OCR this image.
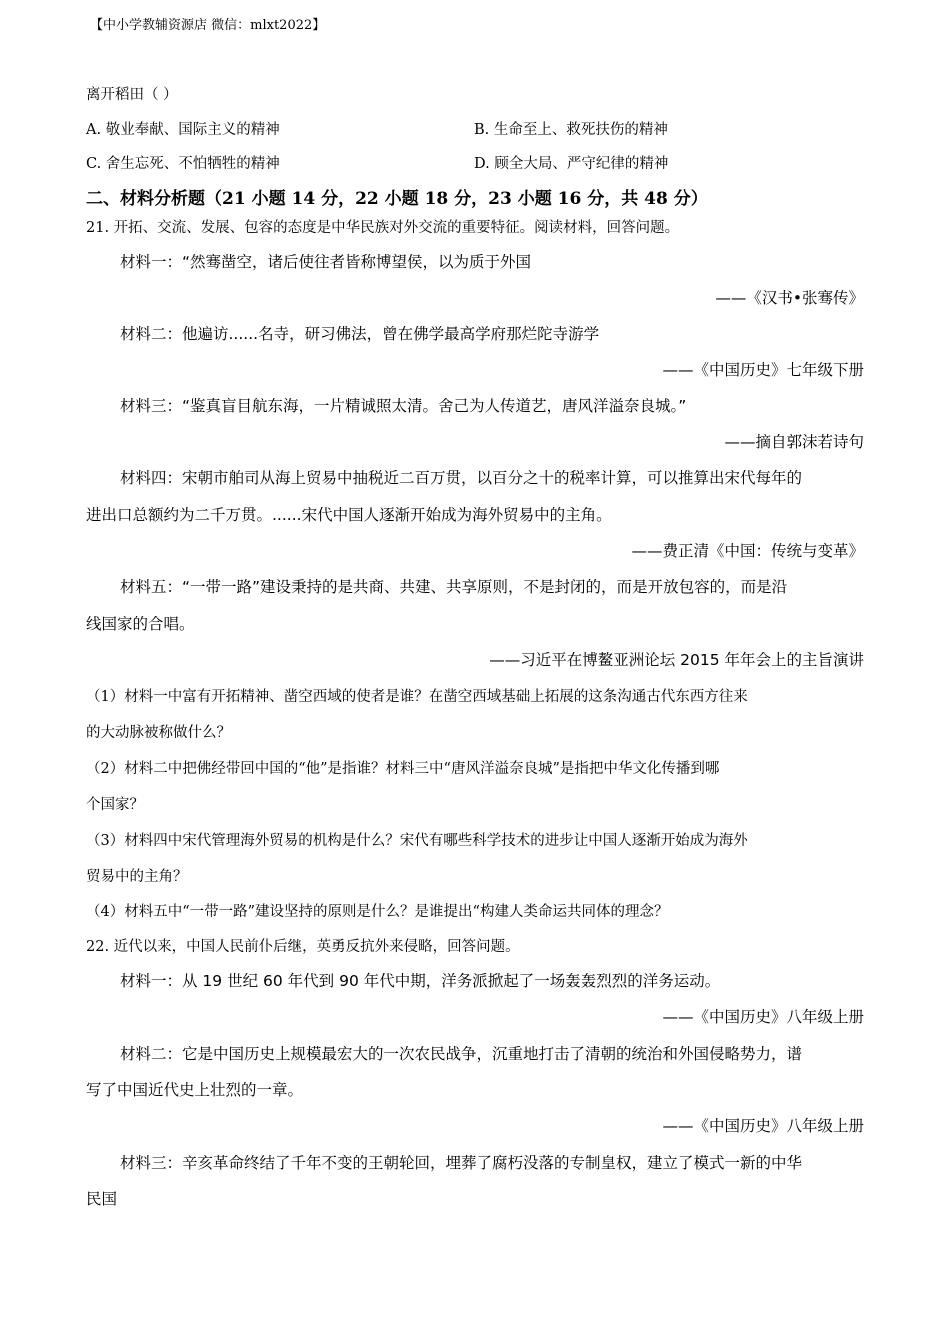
【中小学教辅资源店 微信：mlxt2022】
离开稻田（ ）
A. 敬业奉献、国际主义的精神	B. 生命至上、救死扶伤的精神
C. 舍生忘死、不怕牺牲的精神	D. 顾全大局、严守纪律的精神
二、材料分析题（21 小题 14 分，22 小题 18 分，23 小题 16 分，共 48 分）
21. 开拓、交流、发展、包容的态度是中华民族对外交流的重要特征。阅读材料，回答问题。
材料一：“然骞凿空，诸后使往者皆称博望侯，以为质于外国
——《汉书•张骞传》
材料二：他遍访......名寺，研习佛法，曾在佛学最高学府那烂陀寺游学
——《中国历史》七年级下册
材料三：“鉴真盲目航东海，一片精诚照太清。舍己为人传道艺，唐风洋溢奈良城。”
——摘自郭沫若诗句
材料四：宋朝市舶司从海上贸易中抽税近二百万贯，以百分之十的税率计算，可以推算出宋代每年的
进出口总额约为二千万贯。......宋代中国人逐渐开始成为海外贸易中的主角。
——费正清《中国：传统与变革》
材料五：“一带一路”建设秉持的是共商、共建、共享原则，不是封闭的，而是开放包容的，而是沿
线国家的合唱。
——习近平在博鳌亚洲论坛 2015 年年会上的主旨演讲
（1）材料一中富有开拓精神、凿空西域的使者是谁？在凿空西域基础上拓展的这条沟通古代东西方往来
的大动脉被称做什么？
（2）材料二中把佛经带回中国的“他”是指谁？材料三中“唐风洋溢奈良城”是指把中华文化传播到哪
个国家？
（3）材料四中宋代管理海外贸易的机构是什么？宋代有哪些科学技术的进步让中国人逐渐开始成为海外
贸易中的主角？
（4）材料五中“一带一路”建设坚持的原则是什么？是谁提出“构建人类命运共同体的理念？
22. 近代以来，中国人民前仆后继，英勇反抗外来侵略，回答问题。
材料一：从 19 世纪 60 年代到 90 年代中期，洋务派掀起了一场轰轰烈烈的洋务运动。
——《中国历史》八年级上册
材料二：它是中国历史上规模最宏大的一次农民战争，沉重地打击了清朝的统治和外国侵略势力，谱
写了中国近代史上壮烈的一章。
——《中国历史》八年级上册
材料三：辛亥革命终结了千年不变的王朝轮回，埋葬了腐朽没落的专制皇权，建立了模式一新的中华
民国
